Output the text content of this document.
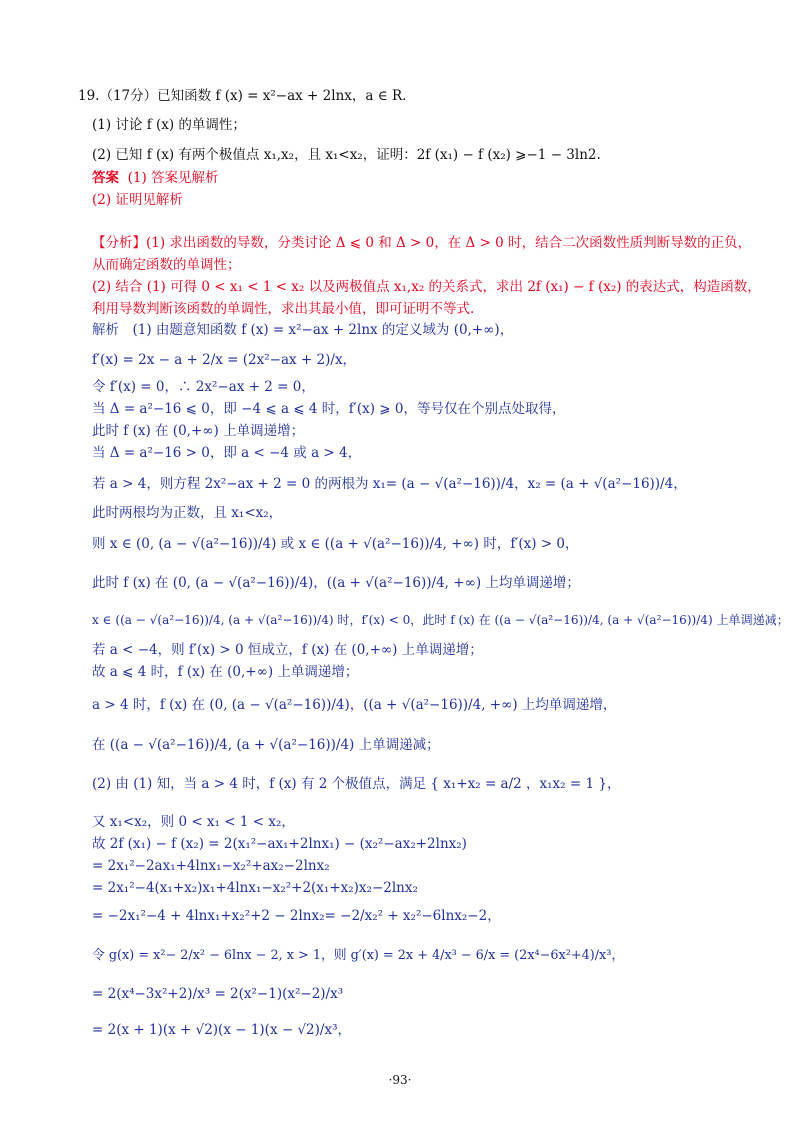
19.（17分）已知函数 f (x) = x²−ax + 2lnx，a ∈ R.
(1) 讨论 f (x) 的单调性；
(2) 已知 f (x) 有两个极值点 x₁,x₂，且 x₁<x₂，证明：2f (x₁) − f (x₂) ⩾−1 − 3ln2.
答案 (1) 答案见解析
(2) 证明见解析
【分析】(1) 求出函数的导数，分类讨论 Δ ⩽ 0 和 Δ > 0，在 Δ > 0 时，结合二次函数性质判断导数的正负，
从而确定函数的单调性；
(2) 结合 (1) 可得 0 < x₁ < 1 < x₂ 以及两极值点 x₁,x₂ 的关系式，求出 2f (x₁) − f (x₂) 的表达式，构造函数，
利用导数判断该函数的单调性，求出其最小值，即可证明不等式.
解析　(1) 由题意知函数 f (x) = x²−ax + 2lnx 的定义域为 (0,+∞)，
f′(x) = 2x − a + 2/x = (2x²−ax + 2)/x，
令 f′(x) = 0，∴ 2x²−ax + 2 = 0，
当 Δ = a²−16 ⩽ 0，即 −4 ⩽ a ⩽ 4 时，f′(x) ⩾ 0，等号仅在个别点处取得，
此时 f (x) 在 (0,+∞) 上单调递增；
当 Δ = a²−16 > 0，即 a < −4 或 a > 4，
若 a > 4，则方程 2x²−ax + 2 = 0 的两根为 x₁= (a − √(a²−16))/4，x₂ = (a + √(a²−16))/4，
此时两根均为正数，且 x₁<x₂，
则 x ∈ (0, (a − √(a²−16))/4) 或 x ∈ ((a + √(a²−16))/4, +∞) 时，f′(x) > 0，
此时 f (x) 在 (0, (a − √(a²−16))/4)，((a + √(a²−16))/4, +∞) 上均单调递增；
x ∈ ((a − √(a²−16))/4, (a + √(a²−16))/4) 时，f′(x) < 0，此时 f (x) 在 ((a − √(a²−16))/4, (a + √(a²−16))/4) 上单调递减；
若 a < −4，则 f′(x) > 0 恒成立，f (x) 在 (0,+∞) 上单调递增；
故 a ⩽ 4 时，f (x) 在 (0,+∞) 上单调递增；
a > 4 时，f (x) 在 (0, (a − √(a²−16))/4)，((a + √(a²−16))/4, +∞) 上均单调递增，
在 ((a − √(a²−16))/4, (a + √(a²−16))/4) 上单调递减；
(2) 由 (1) 知，当 a > 4 时，f (x) 有 2 个极值点，满足 { x₁+x₂ = a/2 ，x₁x₂ = 1 }，
又 x₁<x₂，则 0 < x₁ < 1 < x₂，
故 2f (x₁) − f (x₂) = 2(x₁²−ax₁+2lnx₁) − (x₂²−ax₂+2lnx₂)
= 2x₁²−2ax₁+4lnx₁−x₂²+ax₂−2lnx₂
= 2x₁²−4(x₁+x₂)x₁+4lnx₁−x₂²+2(x₁+x₂)x₂−2lnx₂
= −2x₁²−4 + 4lnx₁+x₂²+2 − 2lnx₂= −2/x₂² + x₂²−6lnx₂−2，
令 g(x) = x²− 2/x² − 6lnx − 2, x > 1，则 g′(x) = 2x + 4/x³ − 6/x = (2x⁴−6x²+4)/x³，
= 2(x⁴−3x²+2)/x³ = 2(x²−1)(x²−2)/x³
= 2(x + 1)(x + √2)(x − 1)(x − √2)/x³，
·93·
